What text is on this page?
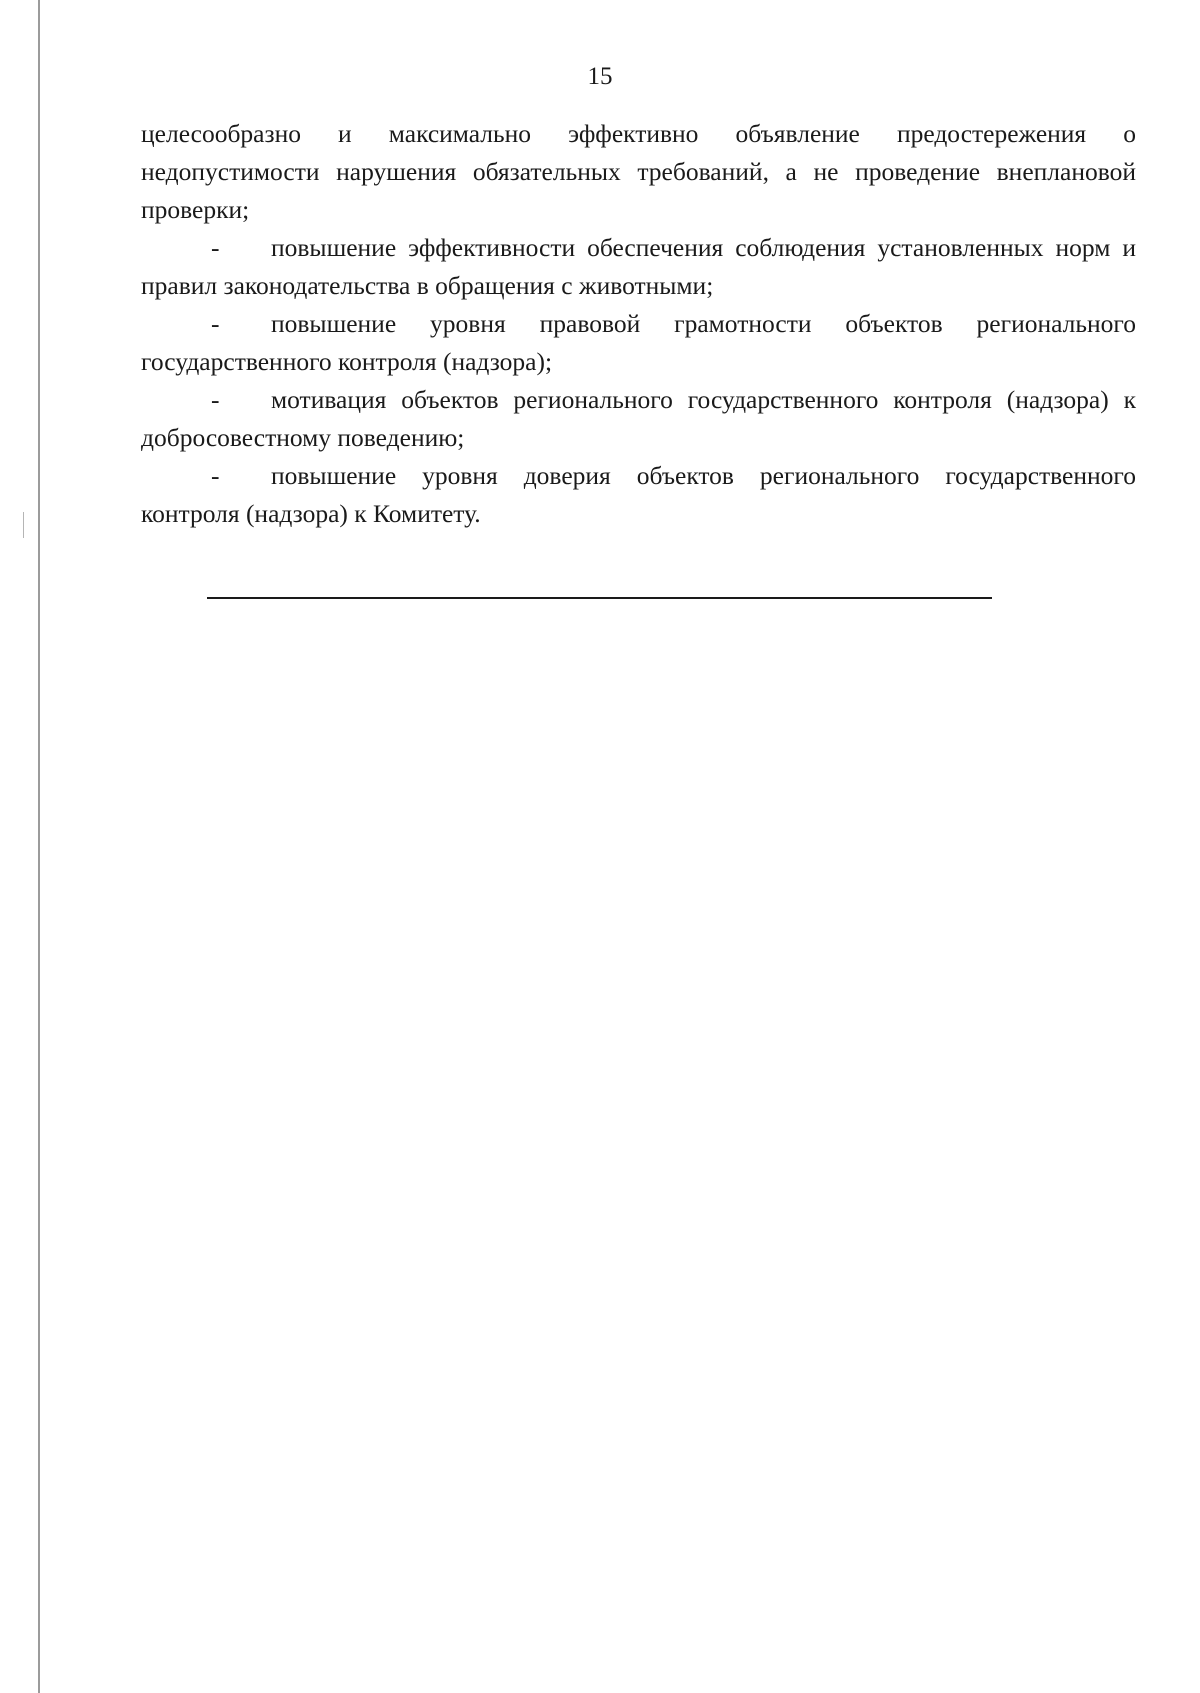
15

целесообразно и максимально эффективно объявление предостережения о недопустимости нарушения обязательных требований, а не проведение внеплановой проверки;

- повышение эффективности обеспечения соблюдения установленных норм и правил законодательства в обращения с животными;

- повышение уровня правовой грамотности объектов регионального государственного контроля (надзора);

- мотивация объектов регионального государственного контроля (надзора) к добросовестному поведению;

- повышение уровня доверия объектов регионального государственного контроля (надзора) к Комитету.
